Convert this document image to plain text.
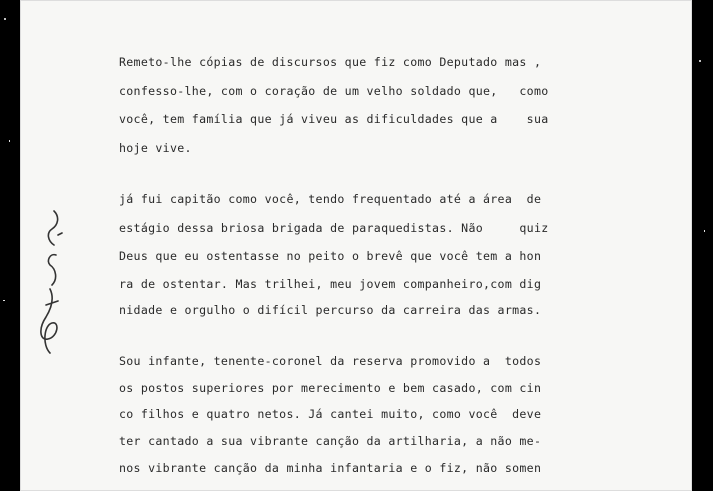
Remeto-lhe cópias de discursos que fiz como Deputado mas ,
confesso-lhe, com o coração de um velho soldado que,   como
você, tem família que já viveu as dificuldades que a    sua
hoje vive.
já fui capitão como você, tendo frequentado até a área  de
estágio dessa briosa brigada de paraquedistas. Não     quiz
Deus que eu ostentasse no peito o brevê que você tem a hon
ra de ostentar. Mas trilhei, meu jovem companheiro,com dig
nidade e orgulho o difícil percurso da carreira das armas.
Sou infante, tenente-coronel da reserva promovido a  todos
os postos superiores por merecimento e bem casado, com cin
co filhos e quatro netos. Já cantei muito, como você  deve
ter cantado a sua vibrante canção da artilharia, a não me-
nos vibrante canção da minha infantaria e o fiz, não somen
